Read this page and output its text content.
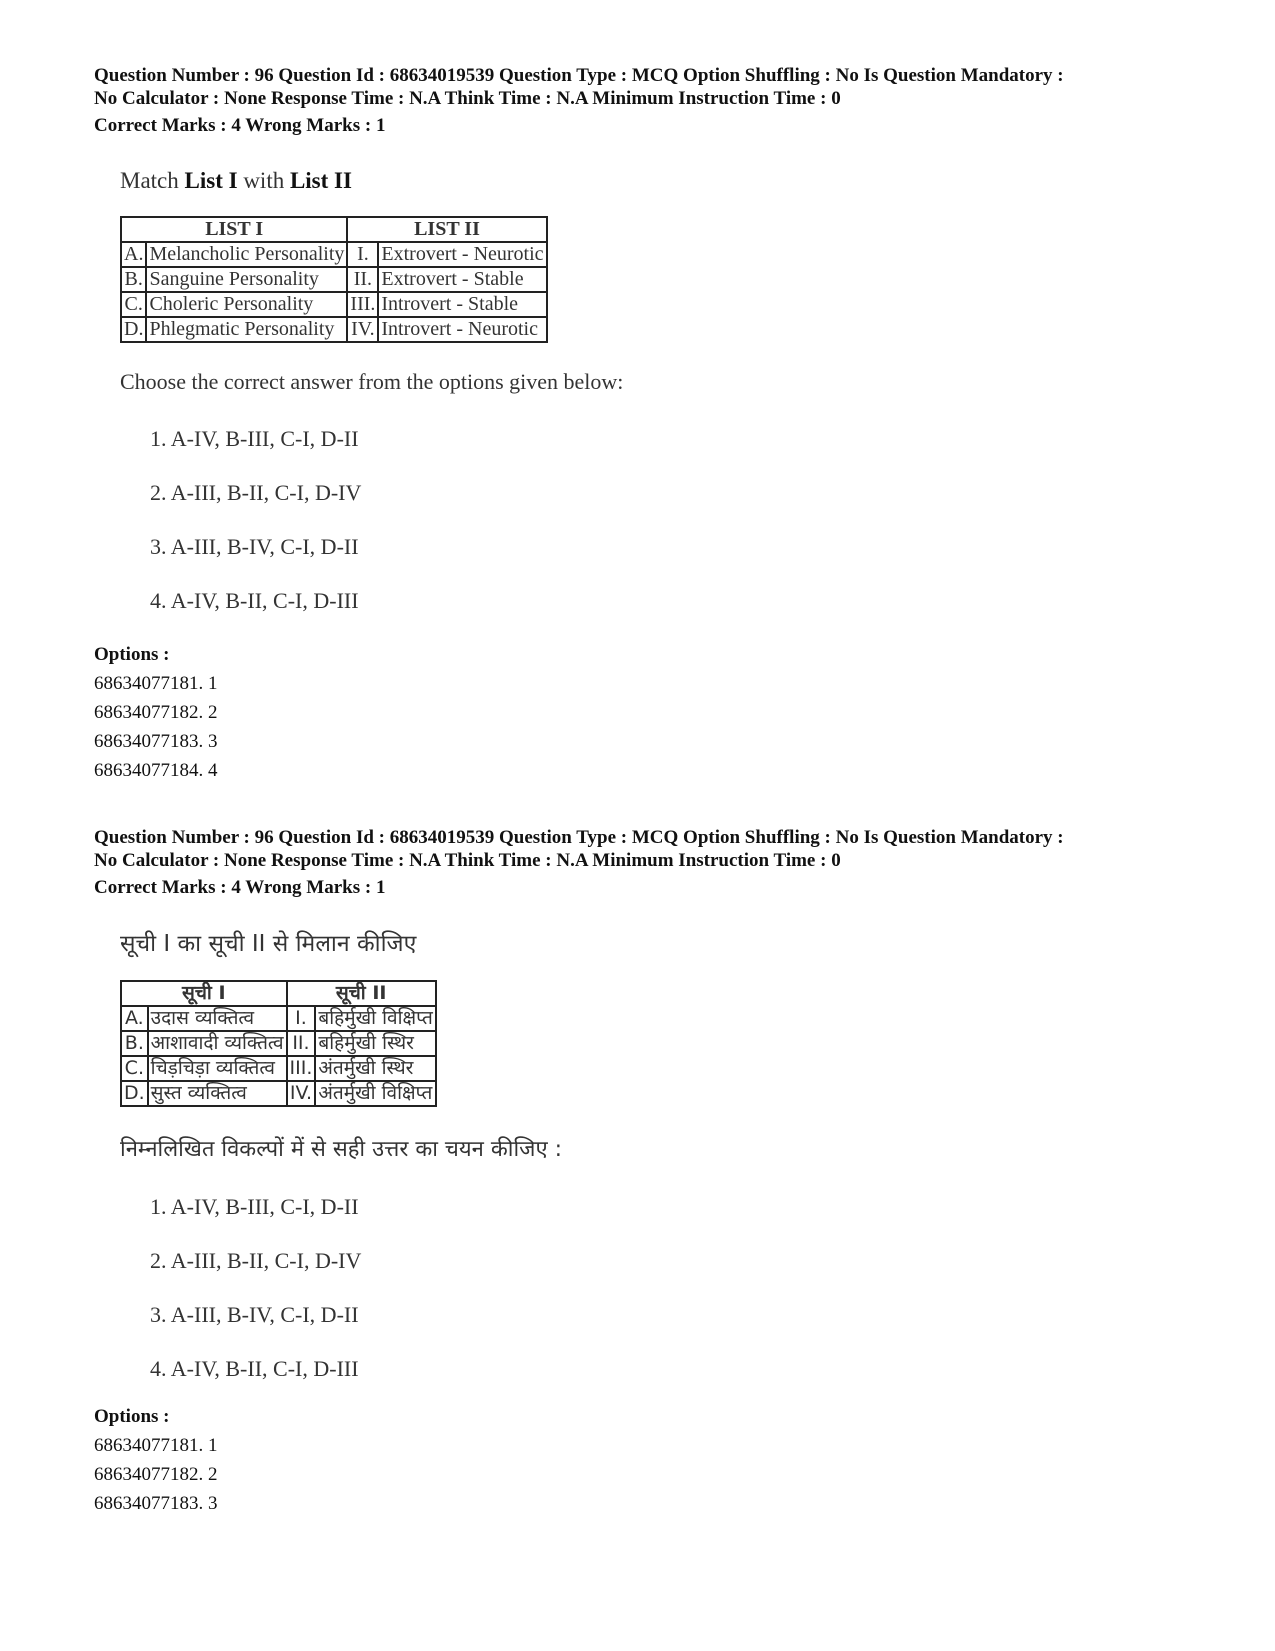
Question Number : 96 Question Id : 68634019539 Question Type : MCQ Option Shuffling : No Is Question Mandatory :

No Calculator : None Response Time : N.A Think Time : N.A Minimum Instruction Time : 0

Correct Marks : 4 Wrong Marks : 1
Match List I with List II
LIST I		LIST II	
A.	Melancholic Personality	I.	Extrovert - Neurotic
B.	Sanguine Personality	II.	Extrovert - Stable
C.	Choleric Personality	III.	Introvert - Stable
D.	Phlegmatic Personality	IV.	Introvert - Neurotic
Choose the correct answer from the options given below:
1. A-IV, B-III, C-I, D-II
2. A-III, B-II, C-I, D-IV
3. A-III, B-IV, C-I, D-II
4. A-IV, B-II, C-I, D-III
Options :
68634077181. 1
68634077182. 2
68634077183. 3
68634077184. 4

Question Number : 96 Question Id : 68634019539 Question Type : MCQ Option Shuffling : No Is Question Mandatory :

No Calculator : None Response Time : N.A Think Time : N.A Minimum Instruction Time : 0

Correct Marks : 4 Wrong Marks : 1
सूची I का सूची II से मिलान कीजिए
सूची I		सूची II	
A.	उदास व्यक्तित्व	I.	बहिर्मुखी विक्षिप्त
B.	आशावादी व्यक्तित्व	II.	बहिर्मुखी स्थिर
C.	चिड़चिड़ा व्यक्तित्व	III.	अंतर्मुखी स्थिर
D.	सुस्त व्यक्तित्व	IV.	अंतर्मुखी विक्षिप्त
निम्नलिखित विकल्पों में से सही उत्तर का चयन कीजिए :
1. A-IV, B-III, C-I, D-II
2. A-III, B-II, C-I, D-IV
3. A-III, B-IV, C-I, D-II
4. A-IV, B-II, C-I, D-III
Options :
68634077181. 1
68634077182. 2
68634077183. 3
